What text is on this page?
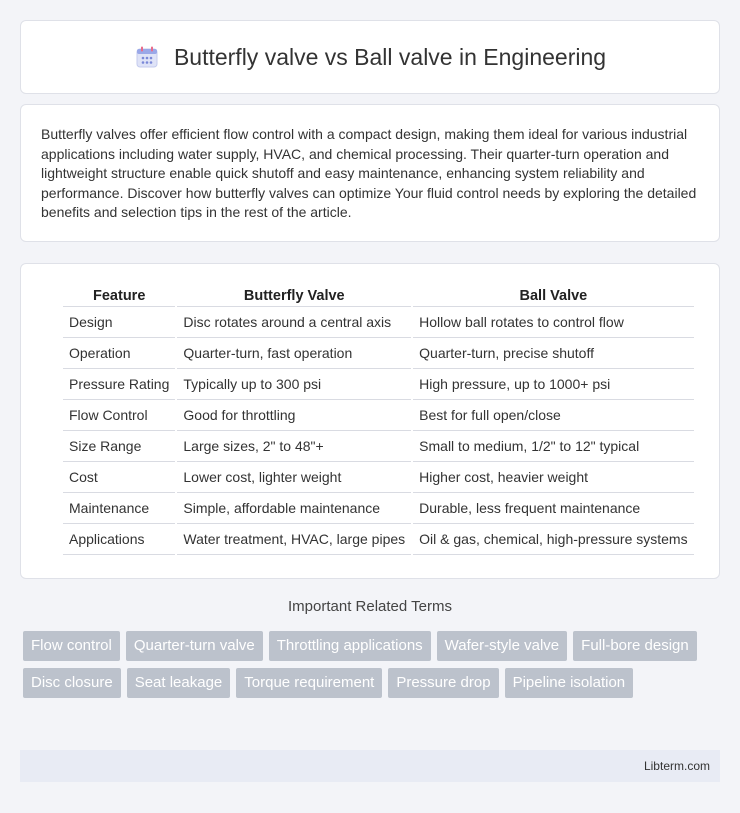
Butterfly valve vs Ball valve in Engineering

Butterfly valves offer efficient flow control with a compact design, making them ideal for various industrial applications including water supply, HVAC, and chemical processing. Their quarter-turn operation and lightweight structure enable quick shutoff and easy maintenance, enhancing system reliability and performance. Discover how butterfly valves can optimize Your fluid control needs by exploring the detailed benefits and selection tips in the rest of the article.

Feature	Butterfly Valve	Ball Valve
Design	Disc rotates around a central axis	Hollow ball rotates to control flow
Operation	Quarter-turn, fast operation	Quarter-turn, precise shutoff
Pressure Rating	Typically up to 300 psi	High pressure, up to 1000+ psi
Flow Control	Good for throttling	Best for full open/close
Size Range	Large sizes, 2" to 48"+	Small to medium, 1/2" to 12" typical
Cost	Lower cost, lighter weight	Higher cost, heavier weight
Maintenance	Simple, affordable maintenance	Durable, less frequent maintenance
Applications	Water treatment, HVAC, large pipes	Oil & gas, chemical, high-pressure systems
Important Related Terms
Flow control	Quarter-turn valve	Throttling applications	Wafer-style valve	Full-bore design
Disc closure	Seat leakage	Torque requirement	Pressure drop	Pipeline isolation
Libterm.com
